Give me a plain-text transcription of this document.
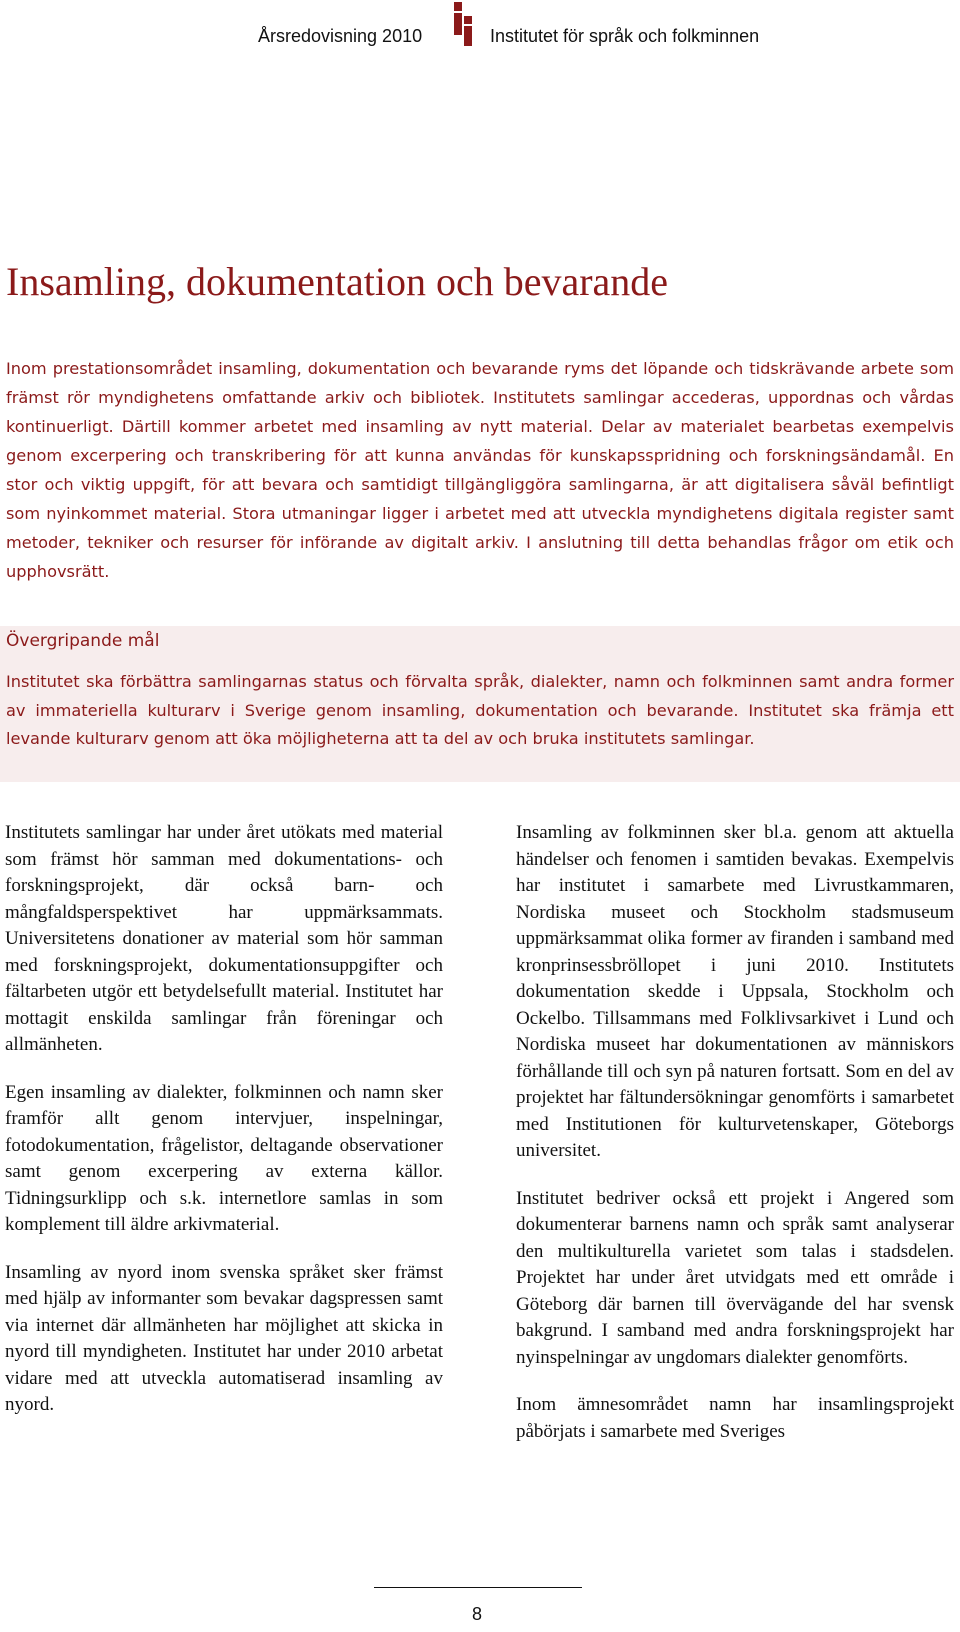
Årsredovisning 2010	Institutet för språk och folkminnen
Insamling, dokumentation och bevarande

Inom prestationsområdet insamling, dokumentation och bevarande ryms det löpande och tidskrävande arbete som främst rör myndighetens omfattande arkiv och bibliotek. Institutets samlingar accederas, uppordnas och vårdas kontinuerligt. Därtill kommer arbetet med insamling av nytt material. Delar av materialet bearbetas exempelvis genom excerpering och transkribering för att kunna användas för kunskapsspridning och forskningsändamål. En stor och viktig uppgift, för att bevara och samtidigt tillgängliggöra samlingarna, är att digitalisera såväl befintligt som nyinkommet material. Stora utmaningar ligger i arbetet med att utveckla myndighetens digitala register samt metoder, tekniker och resurser för införande av digitalt arkiv. I anslutning till detta behandlas frågor om etik och upphovsrätt.

Övergripande mål

Institutet ska förbättra samlingarnas status och förvalta språk, dialekter, namn och folkminnen samt andra former av immateriella kulturarv i Sverige genom insamling, dokumentation och bevarande. Institutet ska främja ett levande kulturarv genom att öka möjligheterna att ta del av och bruka institutets samlingar.

Institutets samlingar har under året utökats med material som främst hör samman med dokumentations- och forskningsprojekt, där också barn- och mångfaldsperspektivet har uppmärksammats. Universitetens donationer av material som hör samman med forskningsprojekt, dokumentationsuppgifter och fältarbeten utgör ett betydelsefullt material. Institutet har mottagit enskilda samlingar från föreningar och allmänheten.

Egen insamling av dialekter, folkminnen och namn sker framför allt genom intervjuer, inspelningar, fotodokumentation, frågelistor, deltagande observationer samt genom excerpering av externa källor. Tidningsurklipp och s.k. internetlore samlas in som komplement till äldre arkivmaterial.

Insamling av nyord inom svenska språket sker främst med hjälp av informanter som bevakar dagspressen samt via internet där allmänheten har möjlighet att skicka in nyord till myndigheten. Institutet har under 2010 arbetat vidare med att utveckla automatiserad insamling av nyord.

Insamling av folkminnen sker bl.a. genom att aktuella händelser och fenomen i samtiden bevakas. Exempelvis har institutet i samarbete med Livrustkammaren, Nordiska museet och Stockholm stadsmuseum uppmärksammat olika former av firanden i samband med kronprinsessbröllopet i juni 2010. Institutets dokumentation skedde i Uppsala, Stockholm och Ockelbo. Tillsammans med Folklivsarkivet i Lund och Nordiska museet har dokumentationen av människors förhållande till och syn på naturen fortsatt. Som en del av projektet har fältundersökningar genomförts i samarbetet med Institutionen för kulturvetenskaper, Göteborgs universitet.

Institutet bedriver också ett projekt i Angered som dokumenterar barnens namn och språk samt analyserar den multikulturella varietet som talas i stadsdelen. Projektet har under året utvidgats med ett område i Göteborg där barnen till övervägande del har svensk bakgrund. I samband med andra forskningsprojekt har nyinspelningar av ungdomars dialekter genomförts.

Inom ämnesområdet namn har insamlingsprojekt påbörjats i samarbete med Sveriges

8
